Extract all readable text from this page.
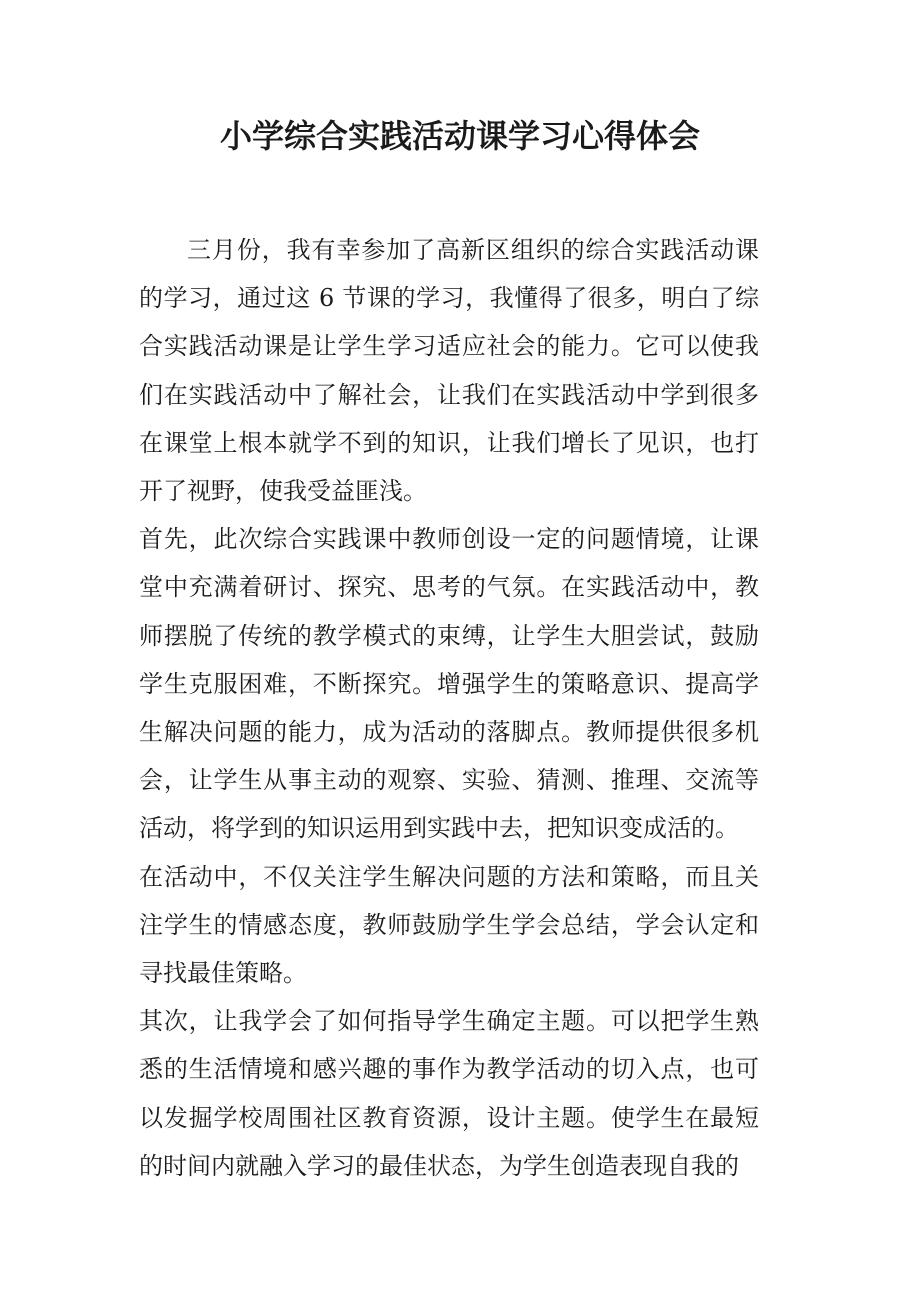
小学综合实践活动课学习心得体会

三月份，我有幸参加了高新区组织的综合实践活动课的学习，通过这 6 节课的学习，我懂得了很多，明白了综合实践活动课是让学生学习适应社会的能力。它可以使我们在实践活动中了解社会，让我们在实践活动中学到很多在课堂上根本就学不到的知识，让我们增长了见识，也打开了视野，使我受益匪浅。

首先，此次综合实践课中教师创设一定的问题情境，让课堂中充满着研讨、探究、思考的气氛。在实践活动中，教师摆脱了传统的教学模式的束缚，让学生大胆尝试，鼓励学生克服困难，不断探究。增强学生的策略意识、提高学生解决问题的能力，成为活动的落脚点。教师提供很多机会，让学生从事主动的观察、实验、猜测、推理、交流等活动，将学到的知识运用到实践中去，把知识变成活的。

在活动中，不仅关注学生解决问题的方法和策略，而且关注学生的情感态度，教师鼓励学生学会总结，学会认定和寻找最佳策略。

其次，让我学会了如何指导学生确定主题。可以把学生熟悉的生活情境和感兴趣的事作为教学活动的切入点，也可以发掘学校周围社区教育资源，设计主题。使学生在最短的时间内就融入学习的最佳状态，为学生创造表现自我的
